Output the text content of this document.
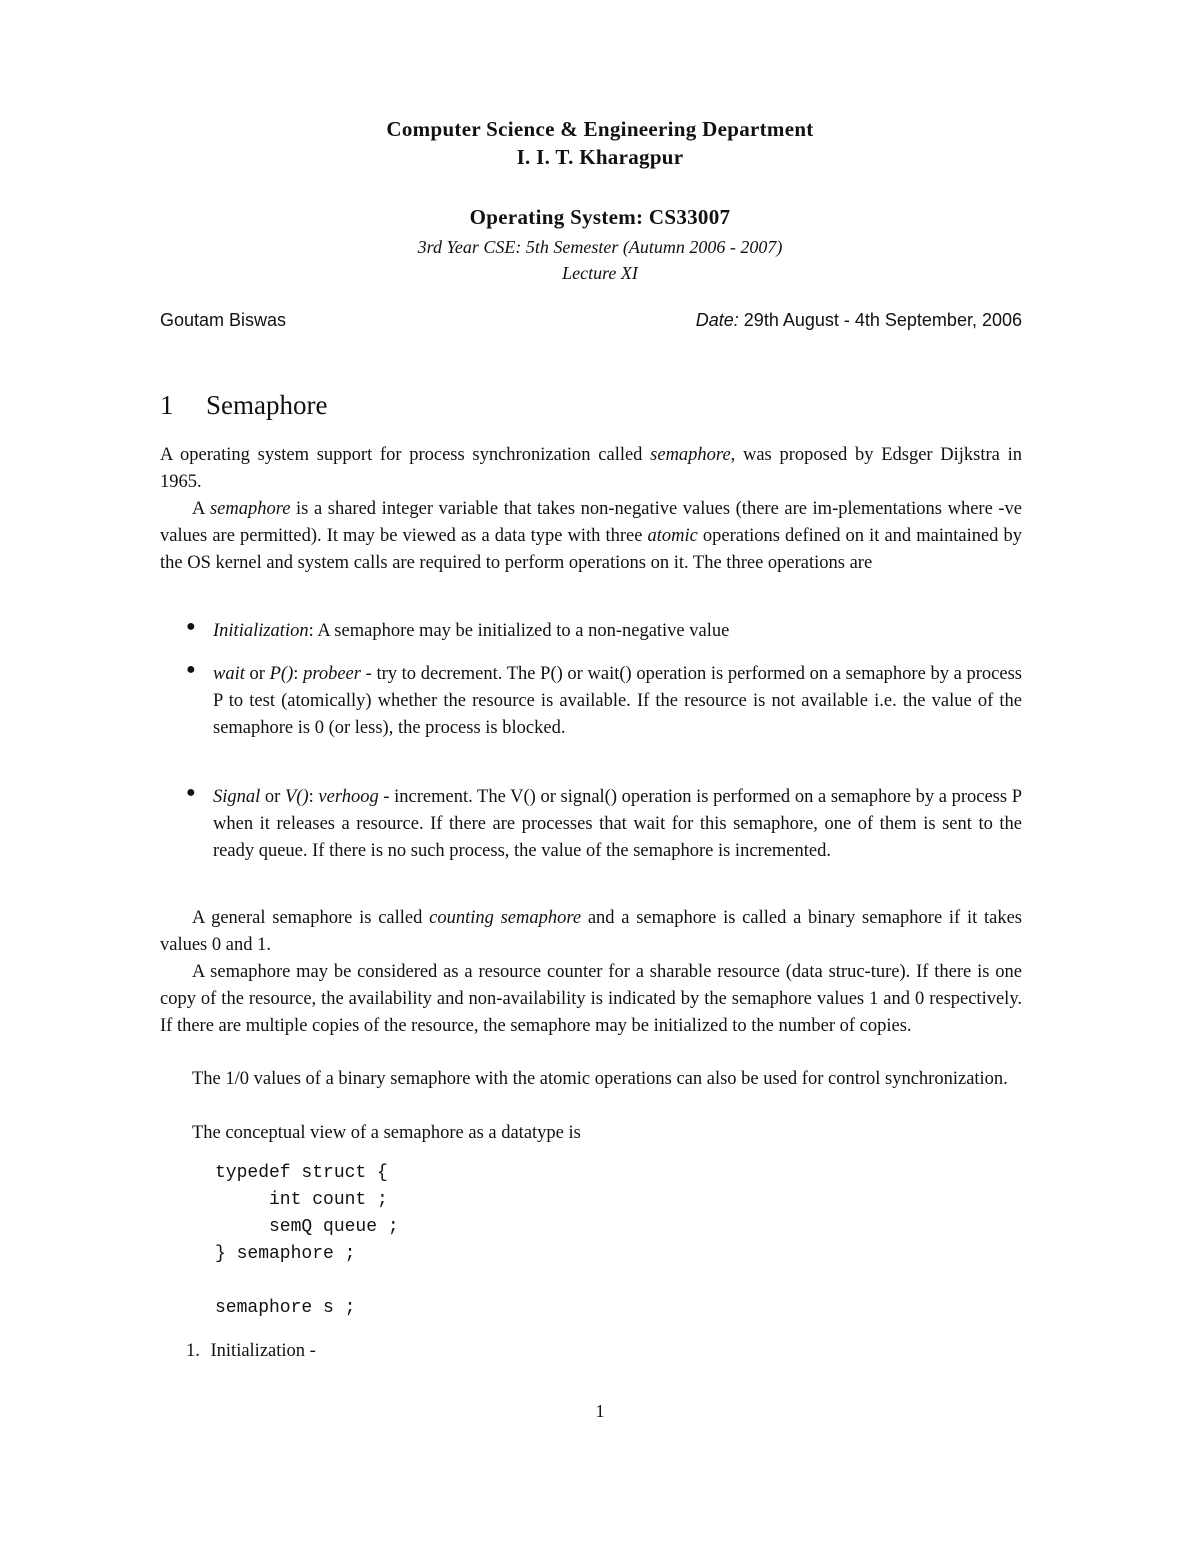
Computer Science & Engineering Department
I. I. T. Kharagpur
Operating System: CS33007
3rd Year CSE: 5th Semester (Autumn 2006 - 2007)
Lecture XI
Goutam Biswas	Date: 29th August - 4th September, 2006
1 Semaphore

A operating system support for process synchronization called semaphore, was proposed by Edsger Dijkstra in 1965.

A semaphore is a shared integer variable that takes non-negative values (there are im-plementations where -ve values are permitted). It may be viewed as a data type with three atomic operations defined on it and maintained by the OS kernel and system calls are required to perform operations on it. The three operations are

● Initialization: A semaphore may be initialized to a non-negative value
● wait or P(): probeer - try to decrement. The P() or wait() operation is performed on a semaphore by a process P to test (atomically) whether the resource is available. If the resource is not available i.e. the value of the semaphore is 0 (or less), the process is blocked.
● Signal or V(): verhoog - increment. The V() or signal() operation is performed on a semaphore by a process P when it releases a resource. If there are processes that wait for this semaphore, one of them is sent to the ready queue. If there is no such process, the value of the semaphore is incremented.

A general semaphore is called counting semaphore and a semaphore is called a binary semaphore if it takes values 0 and 1.

A semaphore may be considered as a resource counter for a sharable resource (data struc-ture). If there is one copy of the resource, the availability and non-availability is indicated by the semaphore values 1 and 0 respectively. If there are multiple copies of the resource, the semaphore may be initialized to the number of copies.

The 1/0 values of a binary semaphore with the atomic operations can also be used for control synchronization.

The conceptual view of a semaphore as a datatype is

typedef struct {
int count ;
semQ queue ;
} semaphore ;

semaphore s ;
1. Initialization -
1
